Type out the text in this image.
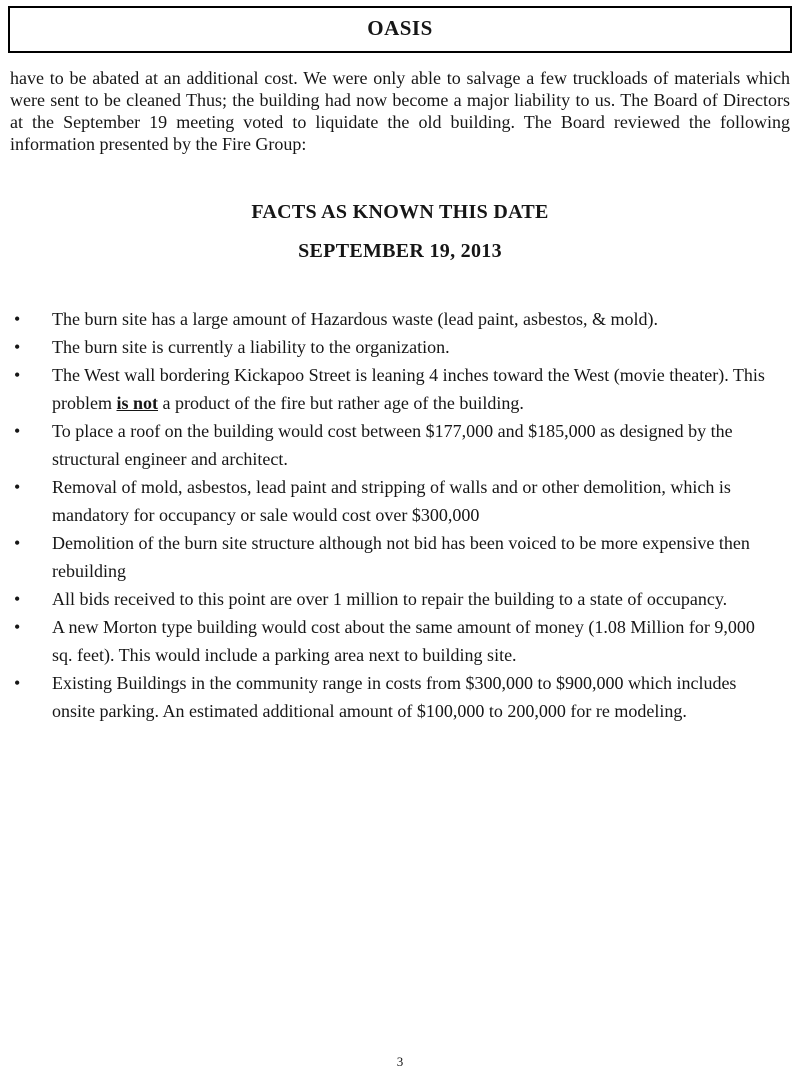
OASIS

have to be abated at an additional cost. We were only able to salvage a few truckloads of materials which were sent to be cleaned Thus; the building had now become a major liability to us. The Board of Directors at the September 19 meeting voted to liquidate the old building. The Board reviewed the following information presented by the Fire Group:

FACTS AS KNOWN THIS DATE
SEPTEMBER 19, 2013
• The burn site has a large amount of Hazardous waste (lead paint, asbestos, & mold).
• The burn site is currently a liability to the organization.
• The West wall bordering Kickapoo Street is leaning 4 inches toward the West (movie theater). This problem is not a product of the fire but rather age of the building.
• To place a roof on the building would cost between $177,000 and $185,000 as designed by the structural engineer and architect.
• Removal of mold, asbestos, lead paint and stripping of walls and or other demolition, which is mandatory for occupancy or sale would cost over $300,000
• Demolition of the burn site structure although not bid has been voiced to be more expensive then rebuilding
• All bids received to this point are over 1 million to repair the building to a state of occupancy.
• A new Morton type building would cost about the same amount of money (1.08 Million for 9,000 sq. feet). This would include a parking area next to building site.
• Existing Buildings in the community range in costs from $300,000 to $900,000 which includes onsite parking. An estimated additional amount of $100,000 to 200,000 for re modeling.
3
